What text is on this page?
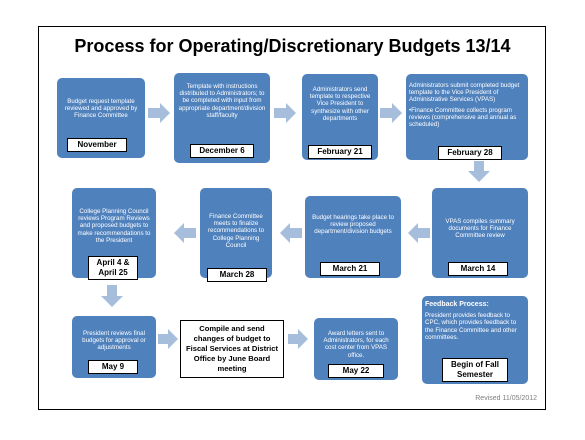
Process for Operating/Discretionary Budgets 13/14
Budget request template reviewed and approved by Finance Committee
November
Template with instructions distributed to Administrators; to be completed with input from appropriate department/division staff/faculty
December 6
Administrators send template to respective Vice President to synthesize with other departments
February 21
Administrators submit completed budget template to the Vice President of Administrative Services (VPAS)
•Finance Committee collects program reviews (comprehensive and annual as scheduled)
February 28
VPAS compiles summary documents for Finance Committee review
March 14
Budget hearings take place to review proposed department/division budgets
March 21
Finance Committee meets to finalize recommendations to College Planning Council
March 28
College Planning Council reviews Program Reviews and proposed budgets to make recommendations to the President
April 4 & April 25
President reviews final budgets for approval or adjustments
May 9
Compile and send changes of budget to Fiscal Services at District Office by June Board meeting
Award letters sent to Administrators, for each cost center from VPAS office.
May 22
Feedback Process:
President provides feedback to CPC, which provides feedback to the Finance Committee and other committees.
Begin of Fall Semester
Revised 11/05/2012
